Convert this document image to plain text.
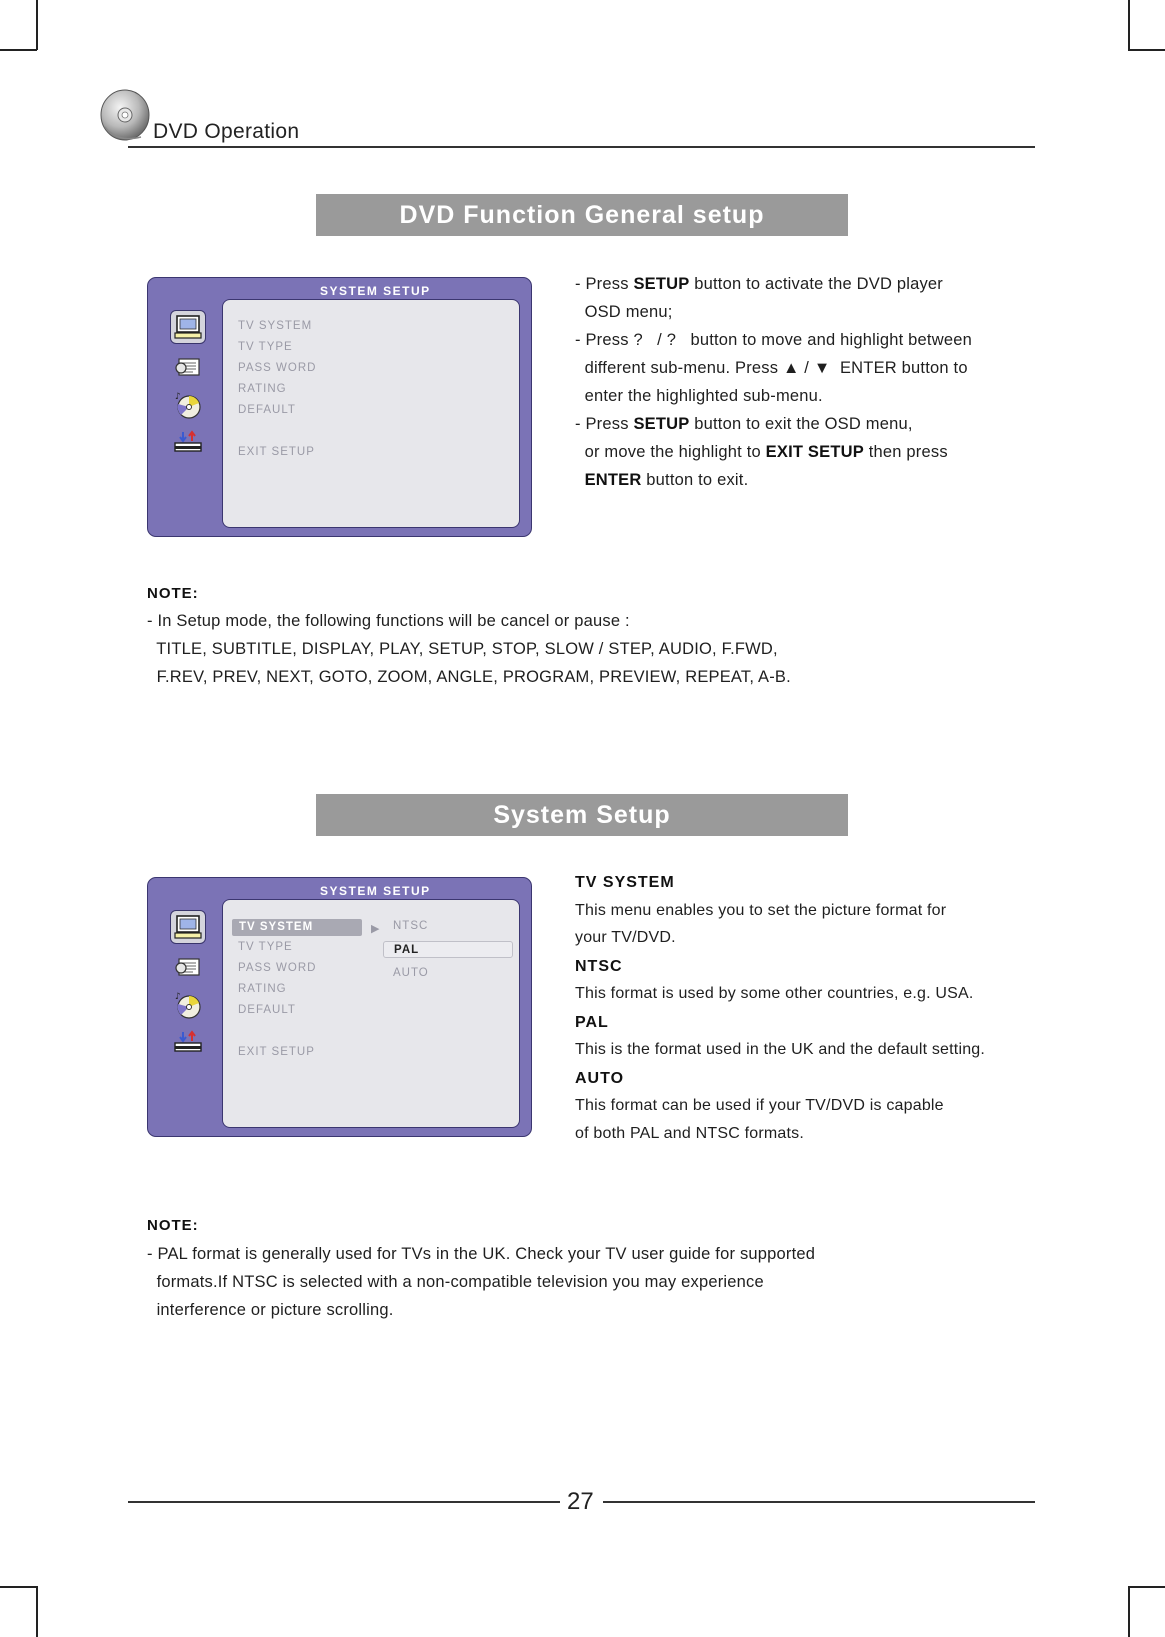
DVD Operation
DVD Function General setup
SYSTEM SETUP
♪
TV SYSTEM
TV TYPE
PASS WORD
RATING
DEFAULT
EXIT SETUP
- Press SETUP button to activate the DVD player
OSD menu;
- Press ?   / ?   button to move and highlight between
different sub-menu. Press ▲ / ▼  ENTER button to
enter the highlighted sub-menu.
- Press SETUP button to exit the OSD menu,
or move the highlight to EXIT SETUP then press
ENTER button to exit.
NOTE:
- In Setup mode, the following functions will be cancel or pause :
TITLE, SUBTITLE, DISPLAY, PLAY, SETUP, STOP, SLOW / STEP, AUDIO, F.FWD,
F.REV, PREV, NEXT, GOTO, ZOOM, ANGLE, PROGRAM, PREVIEW, REPEAT, A-B.
System Setup
SYSTEM SETUP
♪
TV SYSTEM	▶
TV TYPE
PASS WORD
RATING
DEFAULT
EXIT SETUP
NTSC
PAL
AUTO
TV SYSTEM
This menu enables you to set the picture format for
your TV/DVD.
NTSC
This format is used by some other countries, e.g. USA.
PAL
This is the format used in the UK and the default setting.
AUTO
This format can be used if your TV/DVD is capable
of both PAL and NTSC formats.
NOTE:
- PAL format is generally used for TVs in the UK. Check your TV user guide for supported
formats.If NTSC is selected with a non-compatible television you may experience
interference or picture scrolling.
27
